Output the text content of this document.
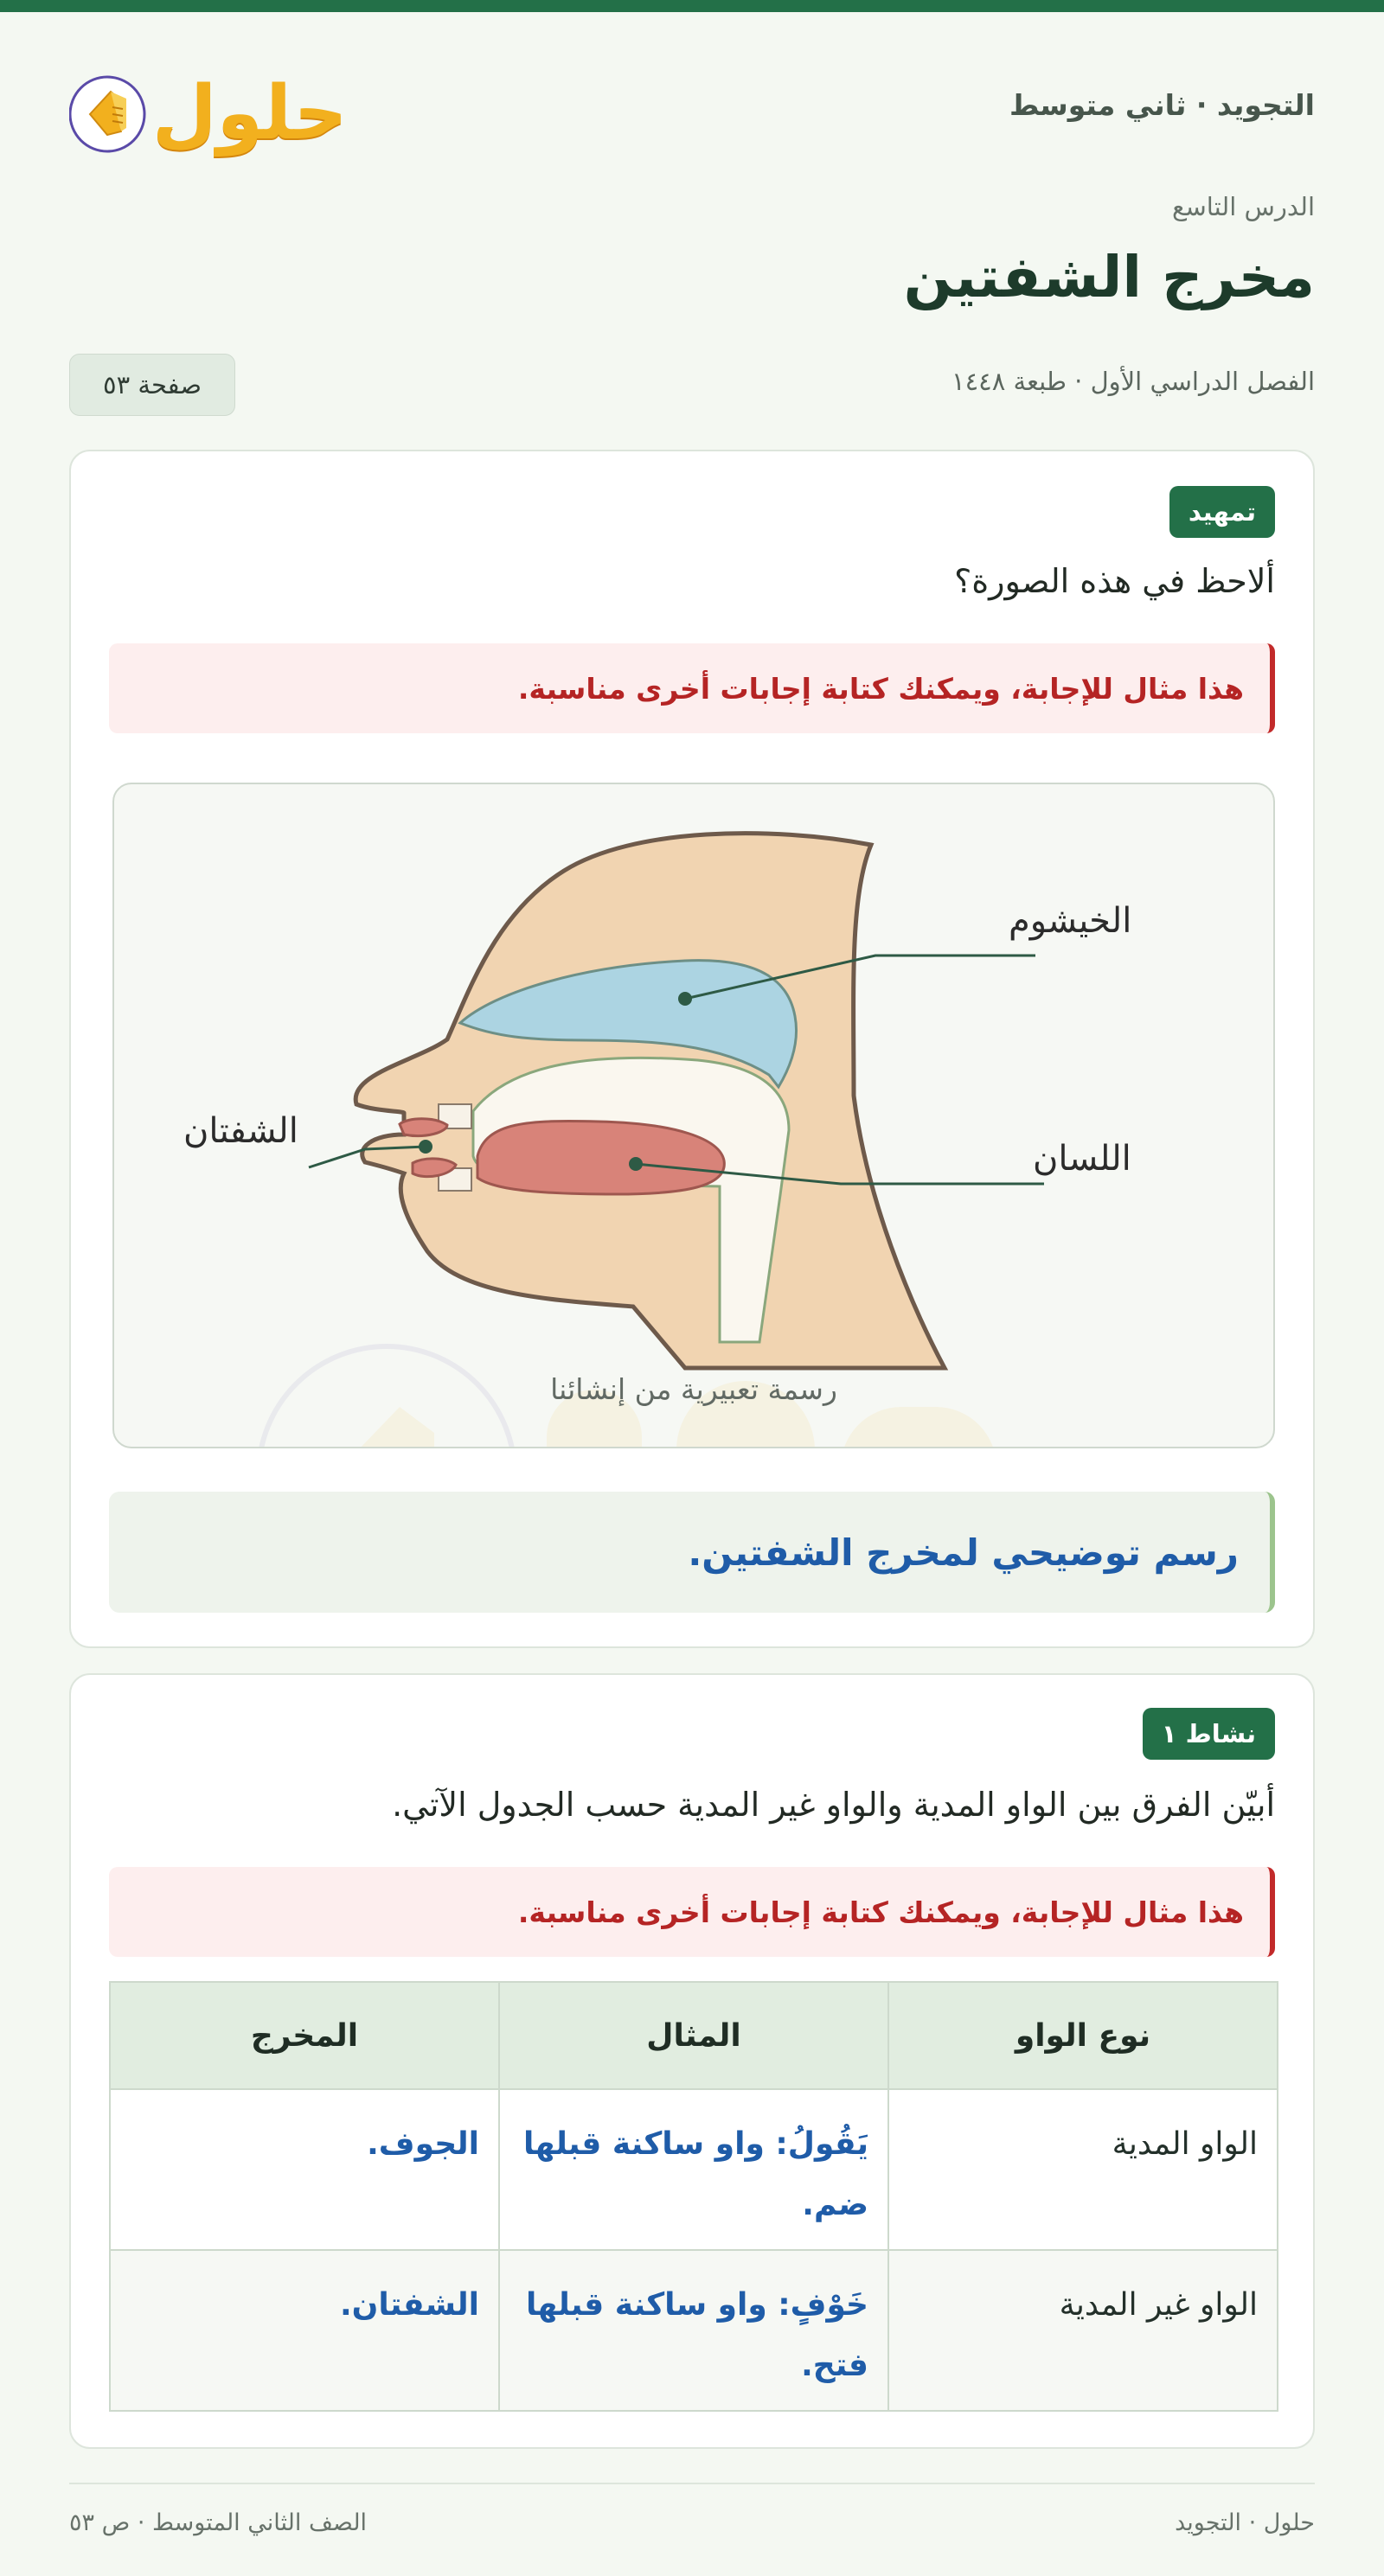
حلول	التجويد · ثاني متوسط
الدرس التاسع
مخرج الشفتين
الفصل الدراسي الأول · طبعة ١٤٤٨
صفحة ٥٣
تمهيد
ألاحظ في هذه الصورة؟
هذا مثال للإجابة، ويمكنك كتابة إجابات أخرى مناسبة.
الخيشوم
الشفتان
اللسان
رسمة تعبيرية من إنشائنا
رسم توضيحي لمخرج الشفتين.
نشاط ١
أبيّن الفرق بين الواو المدية والواو غير المدية حسب الجدول الآتي.
هذا مثال للإجابة، ويمكنك كتابة إجابات أخرى مناسبة.
نوع الواو	المثال	المخرج
الواو المدية	يَقُولُ: واو ساكنة قبلها ضم.	الجوف.
الواو غير المدية	خَوْفٍ: واو ساكنة قبلها فتح.	الشفتان.
حلول · التجويد
الصف الثاني المتوسط · ص ٥٣
